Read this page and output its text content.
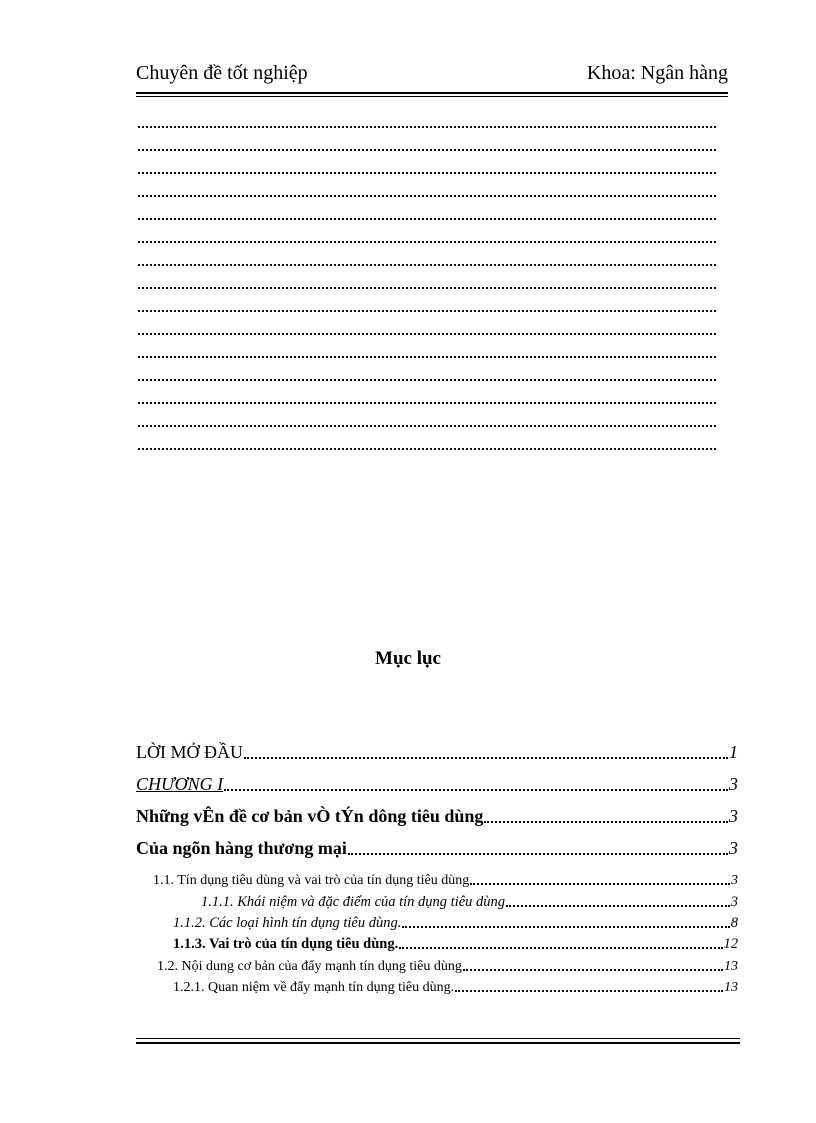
Chuyên đề tốt nghiệp	Khoa: Ngân hàng
Mục lục
LỜI MỞ ĐẦU	1
CHƯƠNG I	3
Những vÊn đề cơ bản vÒ tÝn dông tiêu dùng	3
Của ngõn hàng thương mại	3
1.1. Tín dụng tiêu dùng và vai trò của tín dụng tiêu dùng	3
1.1.1. Khái niệm và đặc điểm của tín dụng tiêu dùng	3
1.1.2. Các loại hình tín dụng tiêu dùng.	8
1.1.3. Vai trò của tín dụng tiêu dùng.	12
1.2. Nội dung cơ bản của đẩy mạnh tín dụng tiêu dùng	13
1.2.1. Quan niệm về đẩy mạnh tín dụng tiêu dùng.	13
